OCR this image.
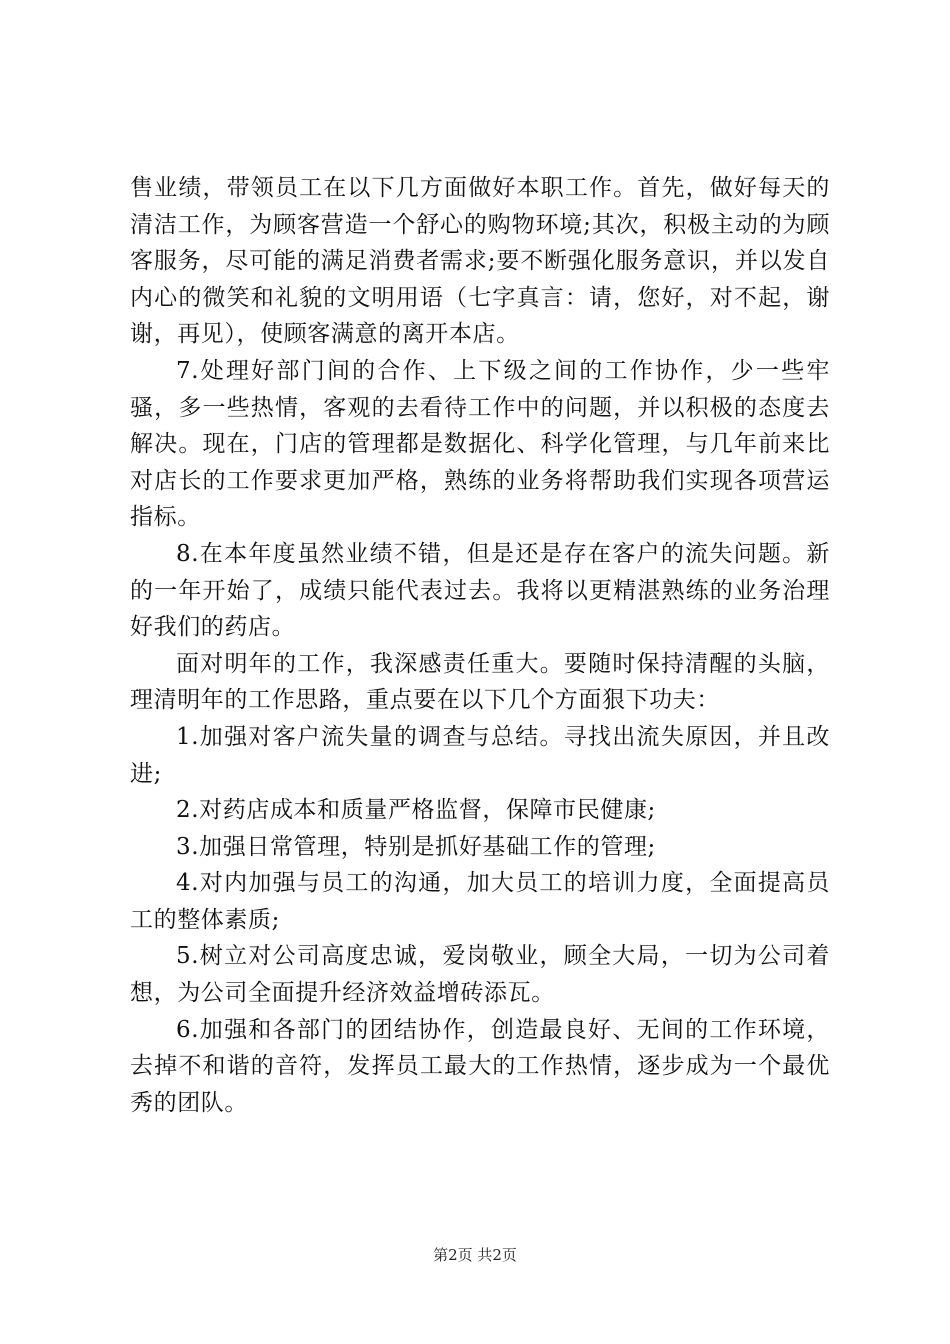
售业绩，带领员工在以下几方面做好本职工作。首先，做好每天的清洁工作，为顾客营造一个舒心的购物环境;其次，积极主动的为顾客服务，尽可能的满足消费者需求;要不断强化服务意识，并以发自内心的微笑和礼貌的文明用语（七字真言：请，您好，对不起，谢谢，再见），使顾客满意的离开本店。

7.处理好部门间的合作、上下级之间的工作协作，少一些牢骚，多一些热情，客观的去看待工作中的问题，并以积极的态度去解决。现在，门店的管理都是数据化、科学化管理，与几年前来比对店长的工作要求更加严格，熟练的业务将帮助我们实现各项营运指标。

8.在本年度虽然业绩不错，但是还是存在客户的流失问题。新的一年开始了，成绩只能代表过去。我将以更精湛熟练的业务治理好我们的药店。

面对明年的工作，我深感责任重大。要随时保持清醒的头脑，理清明年的工作思路，重点要在以下几个方面狠下功夫：

1.加强对客户流失量的调查与总结。寻找出流失原因，并且改进;

2.对药店成本和质量严格监督，保障市民健康;

3.加强日常管理，特别是抓好基础工作的管理;

4.对内加强与员工的沟通，加大员工的培训力度，全面提高员工的整体素质;

5.树立对公司高度忠诚，爱岗敬业，顾全大局，一切为公司着想，为公司全面提升经济效益增砖添瓦。

6.加强和各部门的团结协作，创造最良好、无间的工作环境，去掉不和谐的音符，发挥员工最大的工作热情，逐步成为一个最优秀的团队。

第2页 共2页
